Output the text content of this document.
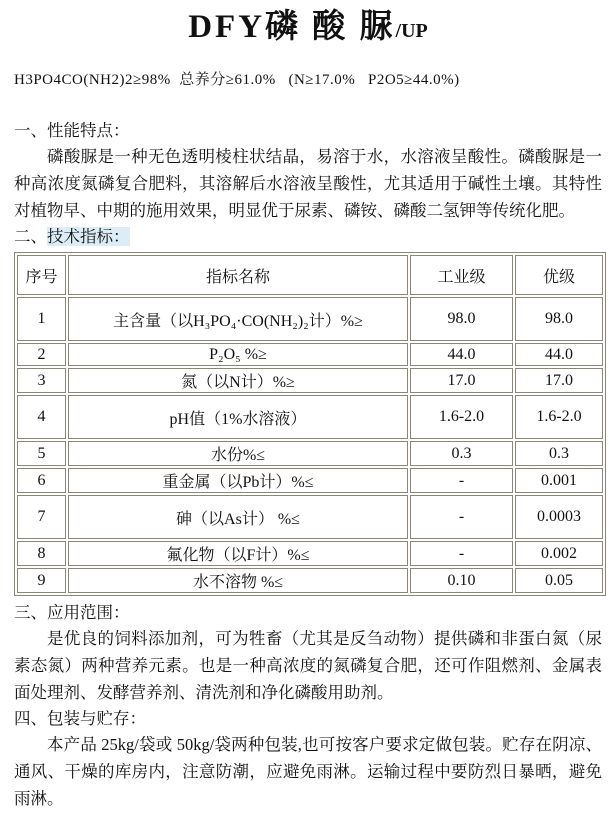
DFY磷 酸 脲/UP
H3PO4CO(NH2)2≥98%  总养分≥61.0%   (N≥17.0%   P2O5≥44.0%)
一、性能特点：

磷酸脲是一种无色透明棱柱状结晶，易溶于水，水溶液呈酸性。磷酸脲是一种高浓度氮磷复合肥料，其溶解后水溶液呈酸性，尤其适用于碱性土壤。其特性对植物早、中期的施用效果，明显优于尿素、磷铵、磷酸二氢钾等传统化肥。

二、技术指标：
序号	指标名称	工业级	优级
1	主含量（以H₃PO₄·CO(NH₂)₂计）%≥	98.0	98.0
2	P₂O₅ %≥	44.0	44.0
3	氮（以N计）%≥	17.0	17.0
4	pH值（1%水溶液）	1.6-2.0	1.6-2.0
5	水份%≤	0.3	0.3
6	重金属（以Pb计）%≤	-	0.001
7	砷（以As计） %≤	-	0.0003
8	氟化物（以F计）%≤	-	0.002
9	水不溶物 %≤	0.10	0.05
三、应用范围：

是优良的饲料添加剂，可为牲畜（尤其是反刍动物）提供磷和非蛋白氮（尿素态氮）两种营养元素。也是一种高浓度的氮磷复合肥，还可作阻燃剂、金属表面处理剂、发酵营养剂、清洗剂和净化磷酸用助剂。

四、包装与贮存：

本产品 25kg/袋或 50kg/袋两种包装,也可按客户要求定做包装。贮存在阴凉、通风、干燥的库房内，注意防潮，应避免雨淋。运输过程中要防烈日暴晒，避免雨淋。
